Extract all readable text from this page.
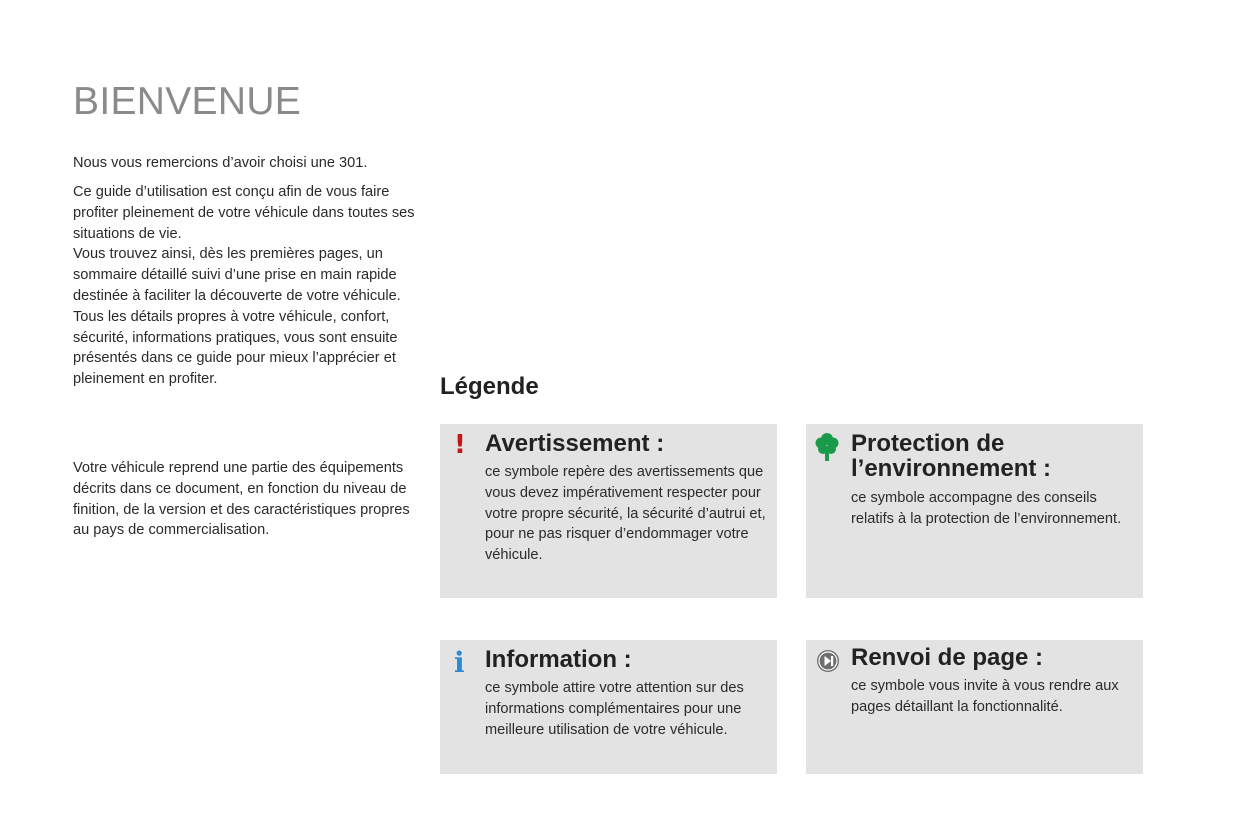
BIENVENUE

Nous vous remercions d’avoir choisi une 301.

Ce guide d’utilisation est conçu afin de vous faire profiter pleinement de votre véhicule dans toutes ses situations de vie.
Vous trouvez ainsi, dès les premières pages, un sommaire détaillé suivi d’une prise en main rapide destinée à faciliter la découverte de votre véhicule.
Tous les détails propres à votre véhicule, confort, sécurité, informations pratiques, vous sont ensuite présentés dans ce guide pour mieux l’apprécier et pleinement en profiter.

Votre véhicule reprend une partie des équipements décrits dans ce document, en fonction du niveau de finition, de la version et des caractéristiques propres au pays de commercialisation.

Légende
! Avertissement :

ce symbole repère des avertissements que vous devez impérativement respecter pour votre propre sécurité, la sécurité d’autrui et, pour ne pas risquer d’endommager votre véhicule.

Protection de l’environnement :

ce symbole accompagne des conseils relatifs à la protection de l’environnement.

i Information :

ce symbole attire votre attention sur des informations complémentaires pour une meilleure utilisation de votre véhicule.

Renvoi de page :

ce symbole vous invite à vous rendre aux pages détaillant la fonctionnalité.
